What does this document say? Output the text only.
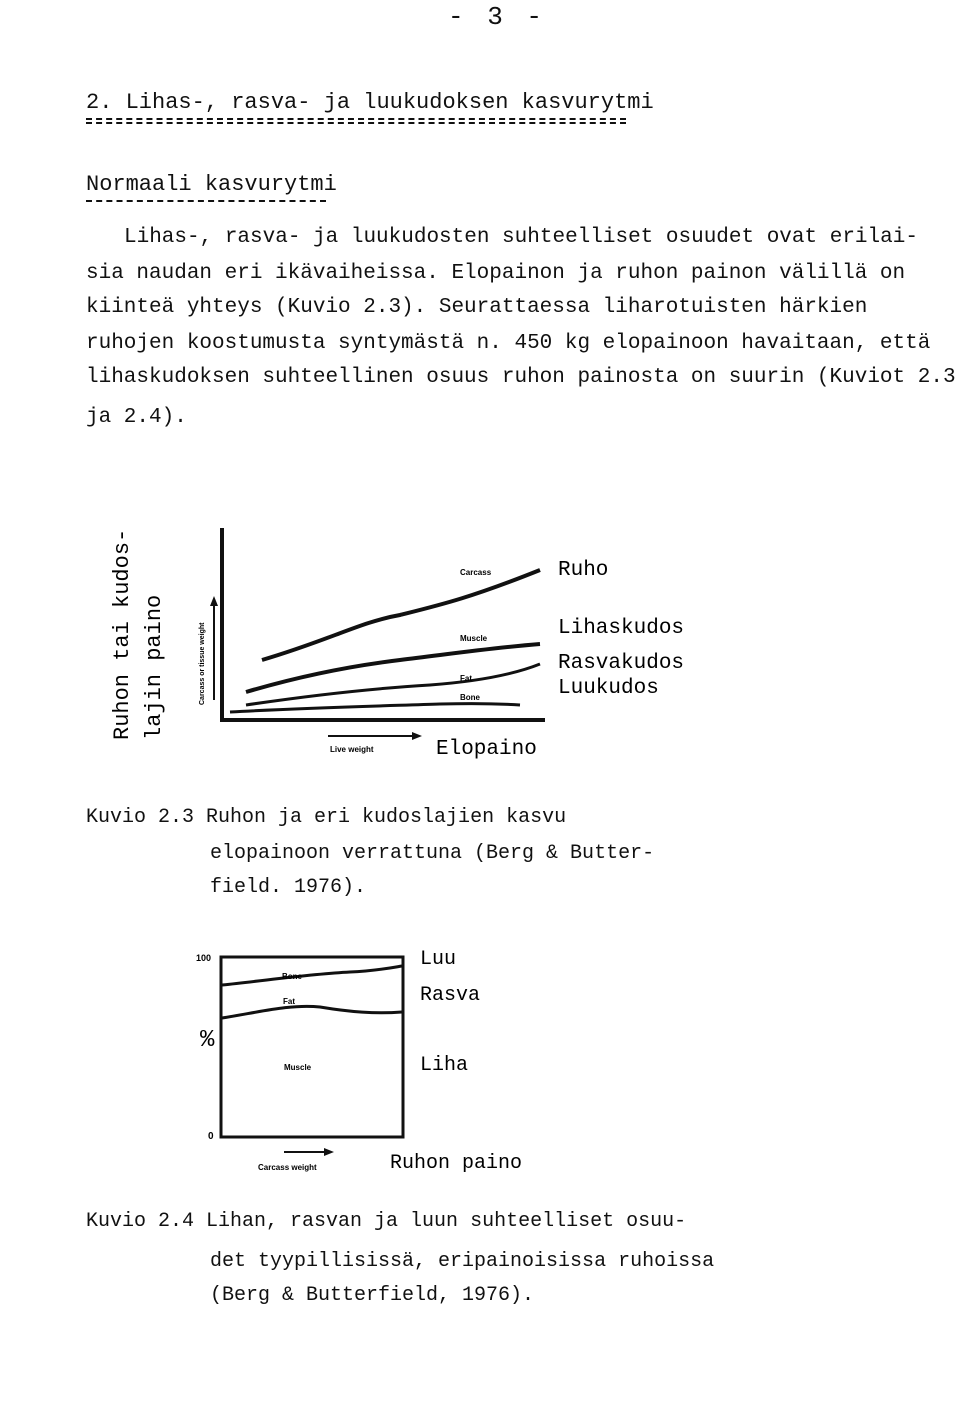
- 3 -
2. Lihas-, rasva- ja luukudoksen kasvurytmi
Normaali kasvurytmi
Lihas-, rasva- ja luukudosten suhteelliset osuudet ovat erilai-
sia naudan eri ikävaiheissa. Elopainon ja ruhon painon välillä on
kiinteä yhteys (Kuvio 2.3). Seurattaessa liharotuisten härkien
ruhojen koostumusta syntymästä n. 450 kg elopainoon havaitaan, että
lihaskudoksen suhteellinen osuus ruhon painosta on suurin (Kuviot 2.3
ja 2.4).
Ruhon tai kudos- lajin paino	Carcass or tissue weight
Carcass
Muscle
Fat
Bone
Ruho
Lihaskudos
Rasvakudos
Luukudos
Live weight	Elopaino
Kuvio 2.3 Ruhon ja eri kudoslajien kasvu
elopainoon verrattuna (Berg & Butter-
field. 1976).
100
0
%
Bone
Fat
Muscle
Luu
Rasva
Liha
Carcass weight	Ruhon paino
Kuvio 2.4 Lihan, rasvan ja luun suhteelliset osuu-
det tyypillisissä, eripainoisissa ruhoissa
(Berg & Butterfield, 1976).
